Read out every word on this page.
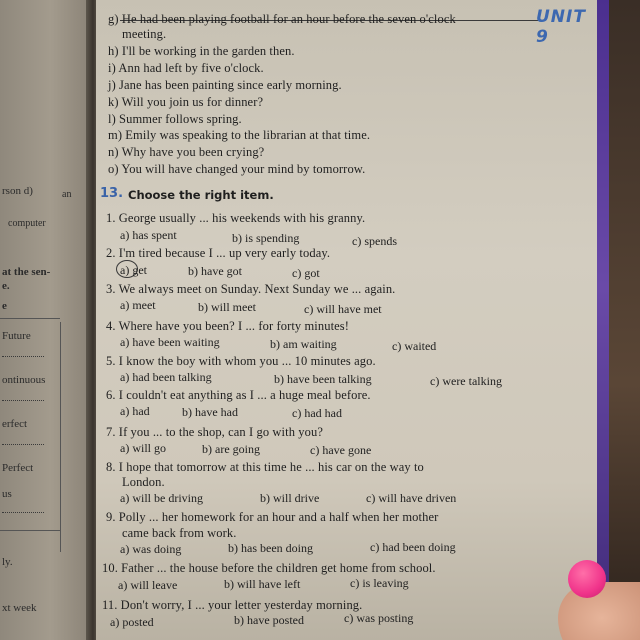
rson d)	an
computer
at the sen-
e.
e
Future
ontinuous
erfect
Perfect
us
ly.
xt week
UNIT 9
g) He had been playing football for an hour before the seven o'clock
meeting.
h) I'll be working in the garden then.
i) Ann had left by five o'clock.
j) Jane has been painting since early morning.
k) Will you join us for dinner?
l) Summer follows spring.
m) Emily was speaking to the librarian at that time.
n) Why have you been crying?
o) You will have changed your mind by tomorrow.
13. Choose the right item.
1. George usually ... his weekends with his granny.
a) has spent	b) is spending	c) spends
2. I'm tired because I ... up very early today.
a) get	b) have got	c) got
3. We always meet on Sunday. Next Sunday we ... again.
a) meet	b) will meet	c) will have met
4. Where have you been? I ... for forty minutes!
a) have been waiting	b) am waiting	c) waited
5. I know the boy with whom you ... 10 minutes ago.
a) had been talking	b) have been talking	c) were talking
6. I couldn't eat anything as I ... a huge meal before.
a) had	b) have had	c) had had
7. If you ... to the shop, can I go with you?
a) will go	b) are going	c) have gone
8. I hope that tomorrow at this time he ... his car on the way to
London.
a) will be driving	b) will drive	c) will have driven
9. Polly ... her homework for an hour and a half when her mother
came back from work.
a) was doing	b) has been doing	c) had been doing
10. Father ... the house before the children get home from school.
a) will leave	b) will have left	c) is leaving
11. Don't worry, I ... your letter yesterday morning.
a) posted	b) have posted	c) was posting
